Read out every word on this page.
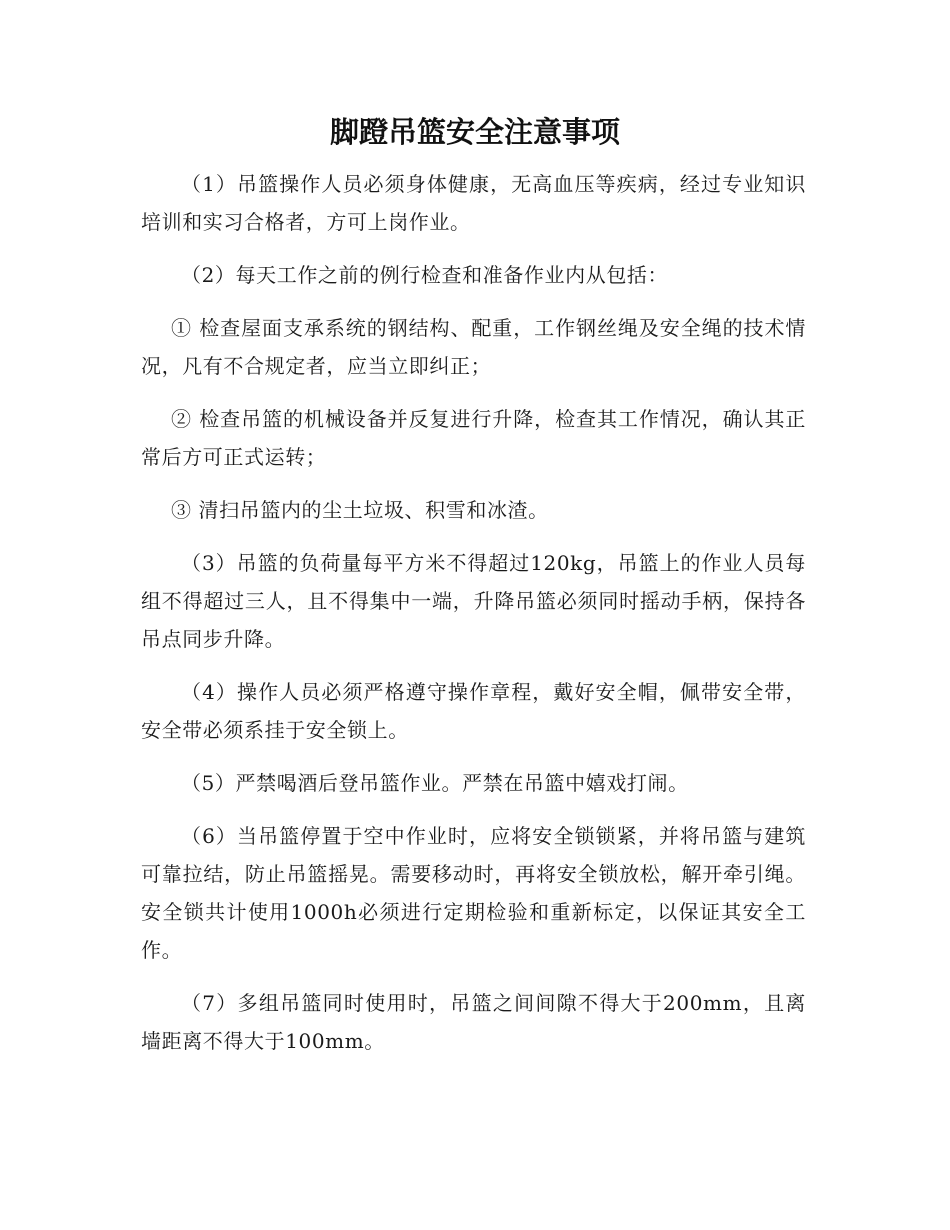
脚蹬吊篮安全注意事项

（1）吊篮操作人员必须身体健康，无高血压等疾病，经过专业知识培训和实习合格者，方可上岗作业。

（2）每天工作之前的例行检查和准备作业内从包括：

① 检查屋面支承系统的钢结构、配重，工作钢丝绳及安全绳的技术情况，凡有不合规定者，应当立即纠正；

② 检查吊篮的机械设备并反复进行升降，检查其工作情况，确认其正常后方可正式运转；

③ 清扫吊篮内的尘土垃圾、积雪和冰渣。

（3）吊篮的负荷量每平方米不得超过120kg，吊篮上的作业人员每组不得超过三人，且不得集中一端，升降吊篮必须同时摇动手柄，保持各吊点同步升降。

（4）操作人员必须严格遵守操作章程，戴好安全帽，佩带安全带，安全带必须系挂于安全锁上。

（5）严禁喝酒后登吊篮作业。严禁在吊篮中嬉戏打闹。

（6）当吊篮停置于空中作业时，应将安全锁锁紧，并将吊篮与建筑可靠拉结，防止吊篮摇晃。需要移动时，再将安全锁放松，解开牵引绳。安全锁共计使用1000h必须进行定期检验和重新标定，以保证其安全工作。

（7）多组吊篮同时使用时，吊篮之间间隙不得大于200mm，且离墙距离不得大于100mm。
